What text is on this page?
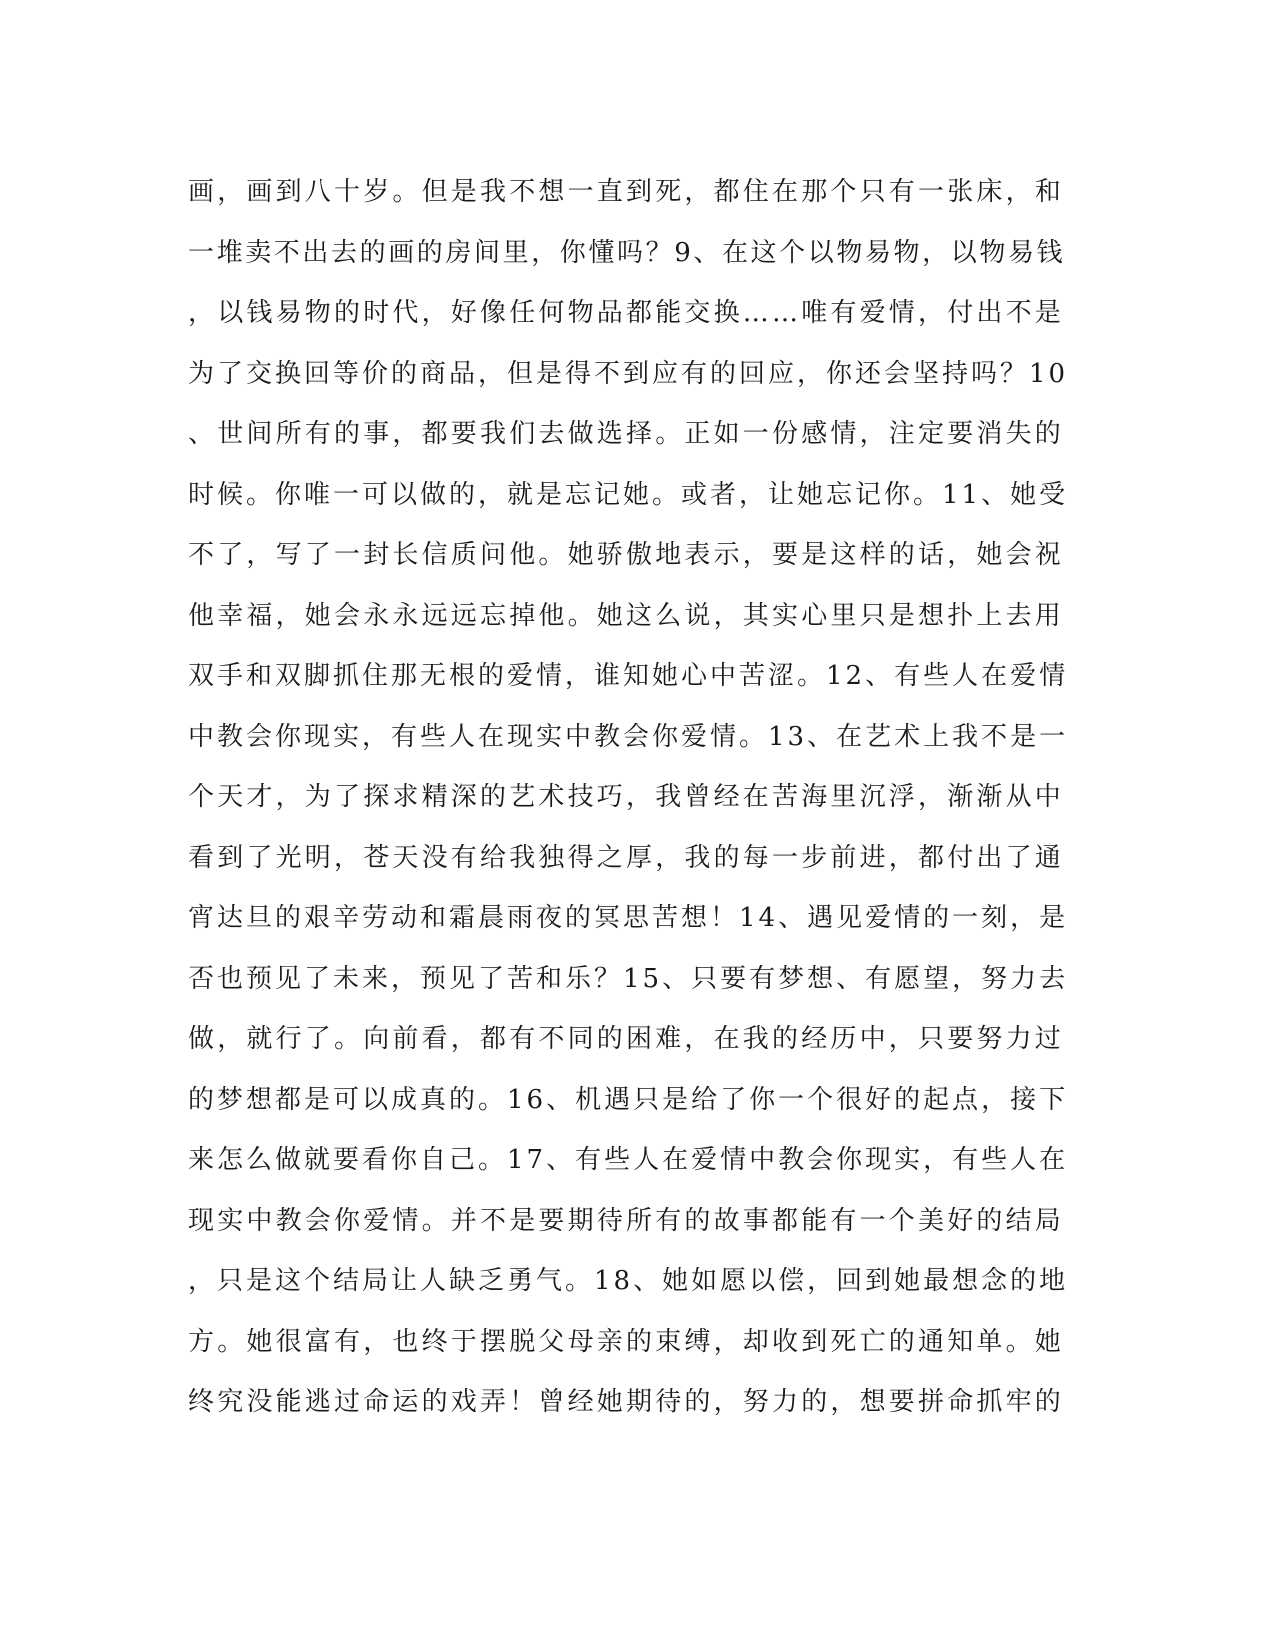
画，画到八十岁。但是我不想一直到死，都住在那个只有一张床，和
一堆卖不出去的画的房间里，你懂吗？9、在这个以物易物，以物易钱
，以钱易物的时代，好像任何物品都能交换……唯有爱情，付出不是
为了交换回等价的商品，但是得不到应有的回应，你还会坚持吗？10
、世间所有的事，都要我们去做选择。正如一份感情，注定要消失的
时候。你唯一可以做的，就是忘记她。或者，让她忘记你。11、她受
不了，写了一封长信质问他。她骄傲地表示，要是这样的话，她会祝
他幸福，她会永永远远忘掉他。她这么说，其实心里只是想扑上去用
双手和双脚抓住那无根的爱情，谁知她心中苦涩。12、有些人在爱情
中教会你现实，有些人在现实中教会你爱情。13、在艺术上我不是一
个天才，为了探求精深的艺术技巧，我曾经在苦海里沉浮，渐渐从中
看到了光明，苍天没有给我独得之厚，我的每一步前进，都付出了通
宵达旦的艰辛劳动和霜晨雨夜的冥思苦想！14、遇见爱情的一刻，是
否也预见了未来，预见了苦和乐？15、只要有梦想、有愿望，努力去
做，就行了。向前看，都有不同的困难，在我的经历中，只要努力过
的梦想都是可以成真的。16、机遇只是给了你一个很好的起点，接下
来怎么做就要看你自己。17、有些人在爱情中教会你现实，有些人在
现实中教会你爱情。并不是要期待所有的故事都能有一个美好的结局
，只是这个结局让人缺乏勇气。18、她如愿以偿，回到她最想念的地
方。她很富有，也终于摆脱父母亲的束缚，却收到死亡的通知单。她
终究没能逃过命运的戏弄！曾经她期待的，努力的，想要拼命抓牢的
